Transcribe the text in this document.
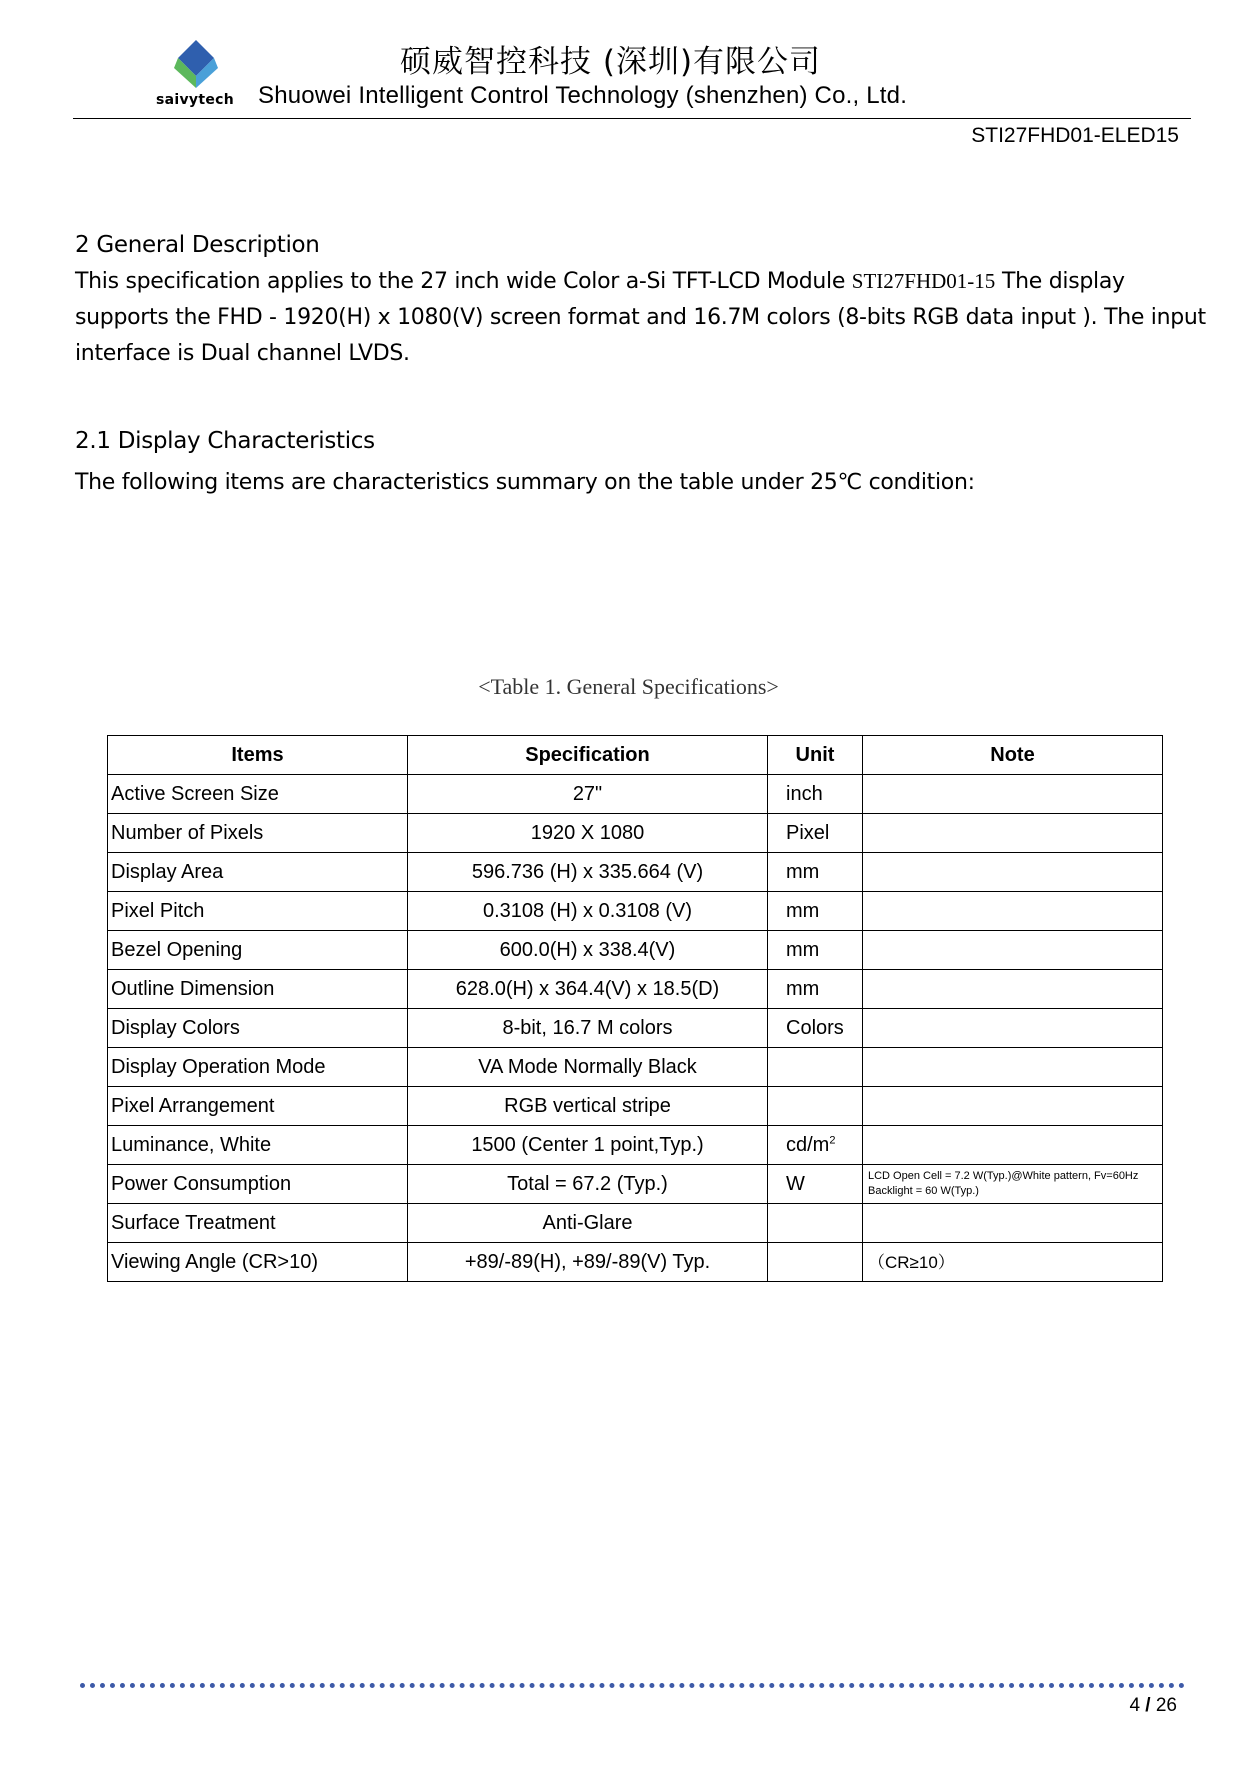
saivytech
硕威智控科技 (深圳)有限公司
Shuowei Intelligent Control Technology (shenzhen) Co., Ltd.
STI27FHD01-ELED15
2 General Description
This specification applies to the 27 inch wide Color a-Si TFT-LCD Module STI27FHD01-15 The display
supports the FHD - 1920(H) x 1080(V) screen format and 16.7M colors (8-bits RGB data input ). The input
interface is Dual channel LVDS.
2.1 Display Characteristics
The following items are characteristics summary on the table under 25℃ condition:
<Table 1. General Specifications>
Items	Specification	Unit	Note
Active Screen Size	27"	inch	
Number of Pixels	1920 X 1080	Pixel	
Display Area	596.736 (H) x 335.664 (V)	mm	
Pixel Pitch	0.3108 (H) x 0.3108 (V)	mm	
Bezel Opening	600.0(H) x 338.4(V)	mm	
Outline Dimension	628.0(H) x 364.4(V) x 18.5(D)	mm	
Display Colors	8-bit, 16.7 M colors	Colors	
Display Operation Mode	VA Mode Normally Black		
Pixel Arrangement	RGB vertical stripe		
Luminance, White	1500 (Center 1 point,Typ.)	$cd/m^2$	
Power Consumption	Total = 67.2 (Typ.)	W	LCD Open Cell = 7.2 W(Typ.)@White pattern, Fv=60Hz
Backlight = 60 W(Typ.)

Surface Treatment	Anti-Glare		
Viewing Angle (CR>10)	+89/-89(H), +89/-89(V) Typ.		（CR≥10）
4 / 26
